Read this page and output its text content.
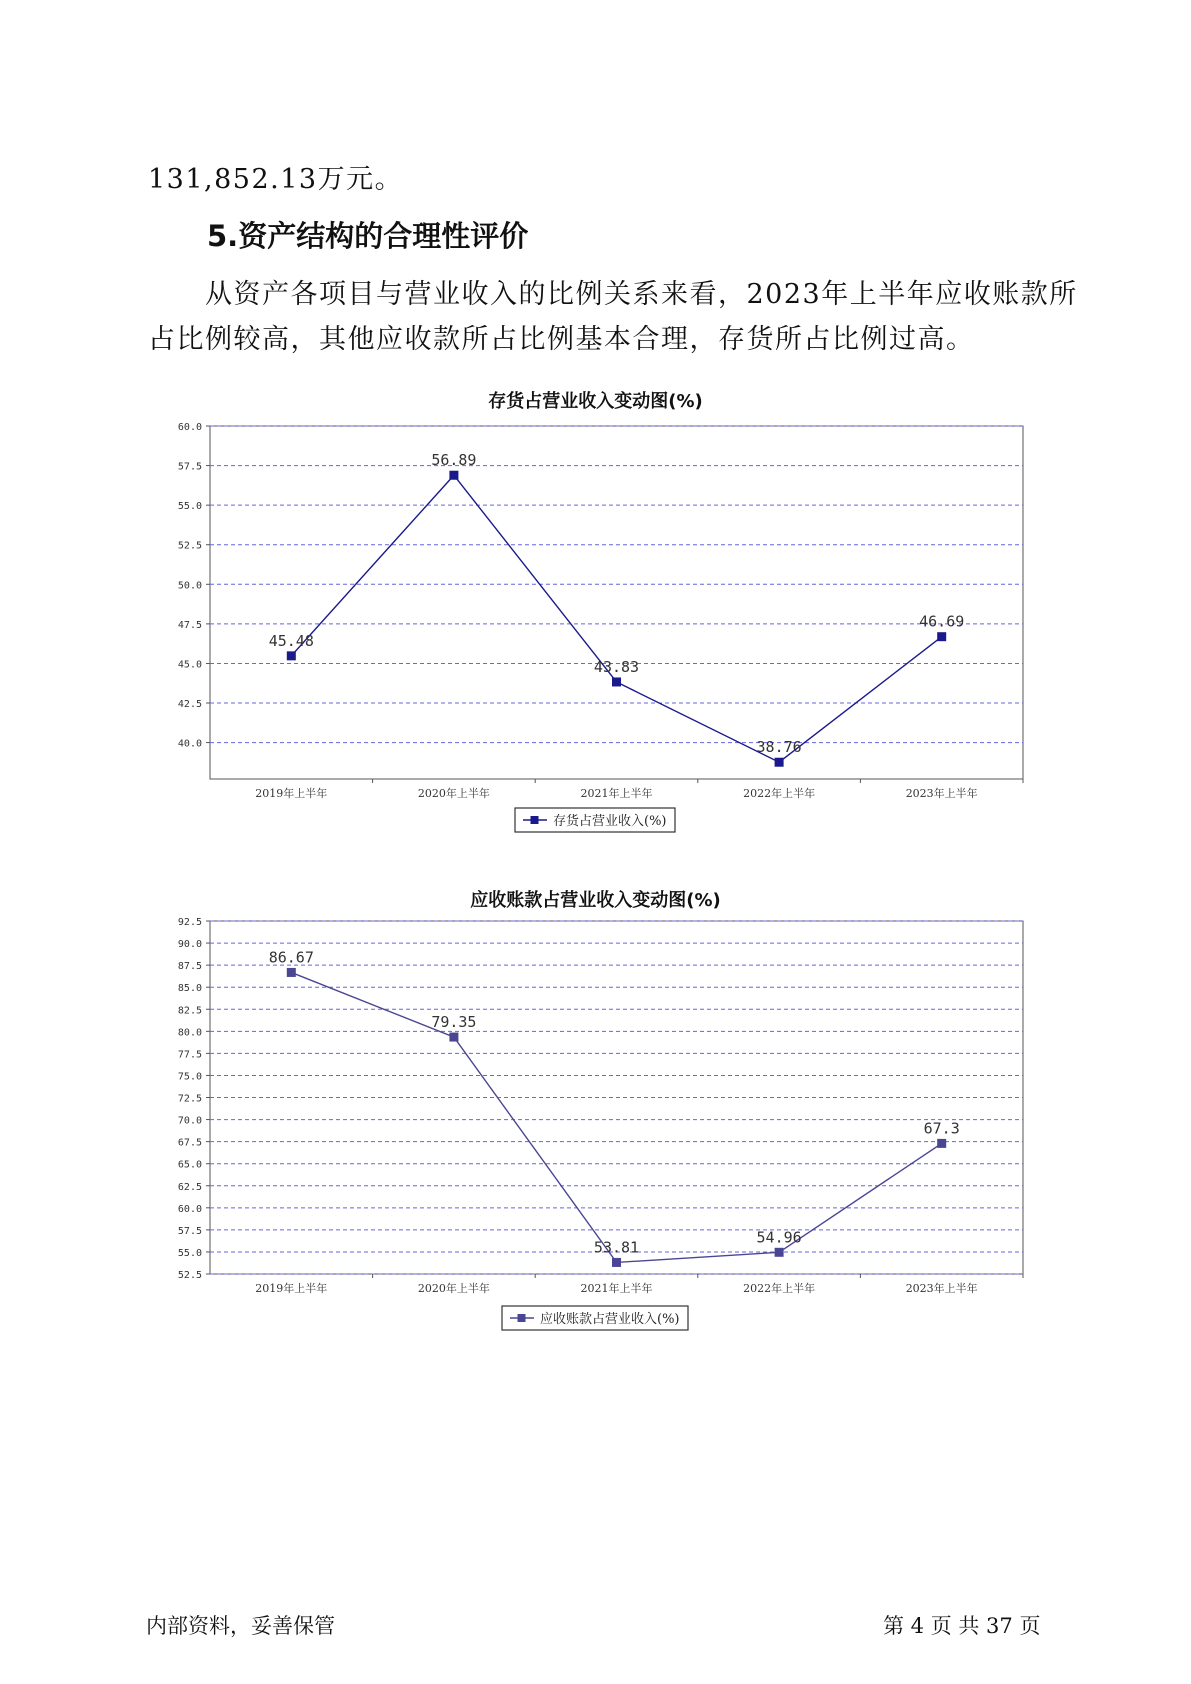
131,852.13万元。
5.资产结构的合理性评价
从资产各项目与营业收入的比例关系来看，2023年上半年应收账款所
占比例较高，其他应收款所占比例基本合理，存货所占比例过高。
存货占营业收入变动图(%)
40.0
42.5
45.0
47.5
50.0
52.5
55.0
57.5
60.0
2019年上半年	2020年上半年	2021年上半年	2022年上半年	2023年上半年
45.48
56.89
43.83
38.76
46.69
存货占营业收入(%)
应收账款占营业收入变动图(%)
52.5
55.0
57.5
60.0
62.5
65.0
67.5
70.0
72.5
75.0
77.5
80.0
82.5
85.0
87.5
90.0
92.5
2019年上半年	2020年上半年	2021年上半年	2022年上半年	2023年上半年
86.67
79.35
53.81
54.96
67.3
应收账款占营业收入(%)
内部资料，妥善保管	第 4 页 共 37 页
